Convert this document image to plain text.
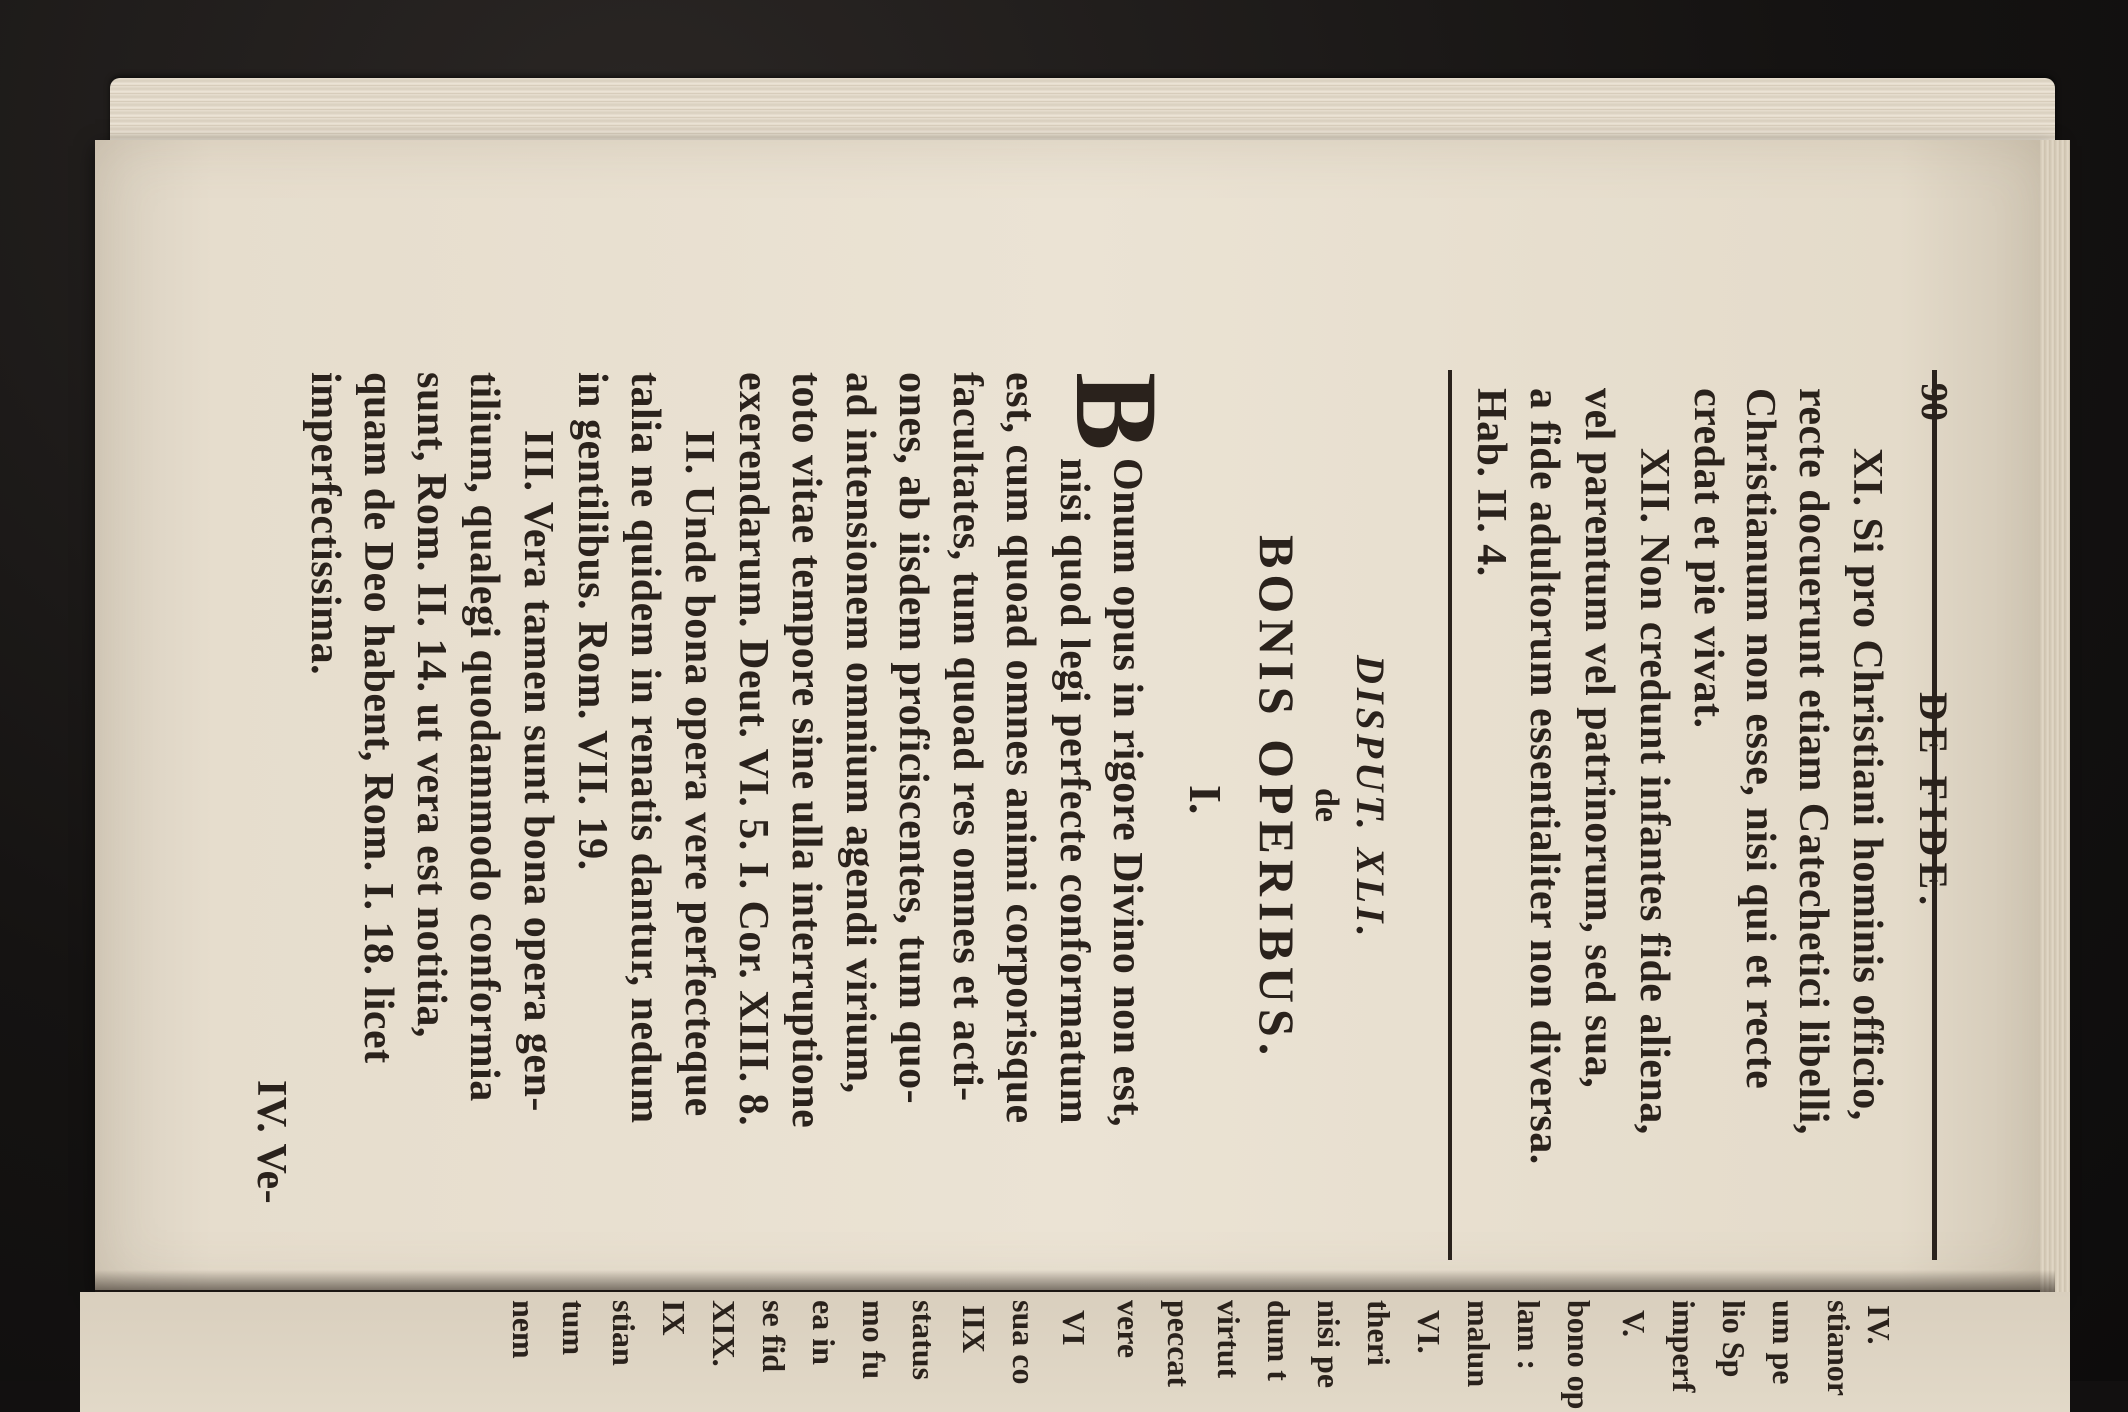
XI. Si pro Christiani hominis officio,
recte docuerunt etiam Catechetici libelli,
Christianum non esse, nisi qui et recte
credat et pie vivat.
XII. Non credunt infantes fide aliena,
vel parentum vel patrinorum, sed sua,
a fide adultorum essentialiter non diversa.
Hab. II. 4.
DISPUT. XLI.
de
BONIS OPERIBUS.
I.
B
Onum opus in rigore Divino non est,
nisi quod legi perfecte conformatum
est, cum quoad omnes animi corporisque
facultates, tum quoad res omnes et acti-
ones, ab iisdem proficiscentes, tum quo-
ad intensionem omnium agendi virium,
toto vitae tempore sine ulla interruptione
exerendarum. Deut. VI. 5. I. Cor. XIII. 8.
II. Unde bona opera vere perfecteque
talia ne quidem in renatis dantur, nedum
in gentilibus. Rom. VII. 19.
III. Vera tamen sunt bona opera gen-
tilium, qualegi quodammodo conformia
sunt, Rom. II. 14. ut vera est notitia,
quam de Deo habent, Rom. I. 18. licet
imperfectissima.
IV. Ve-
IV.
stianor
um pe
lio Sp
imperf
V.
bono op
lam :
malun
VI.
theri
nisi pe
dum t
virtut
peccat
vere
VI
sua co
IIX
status
mo fu
ea in
se fid
XIX.
IX
stian
tum
nem
